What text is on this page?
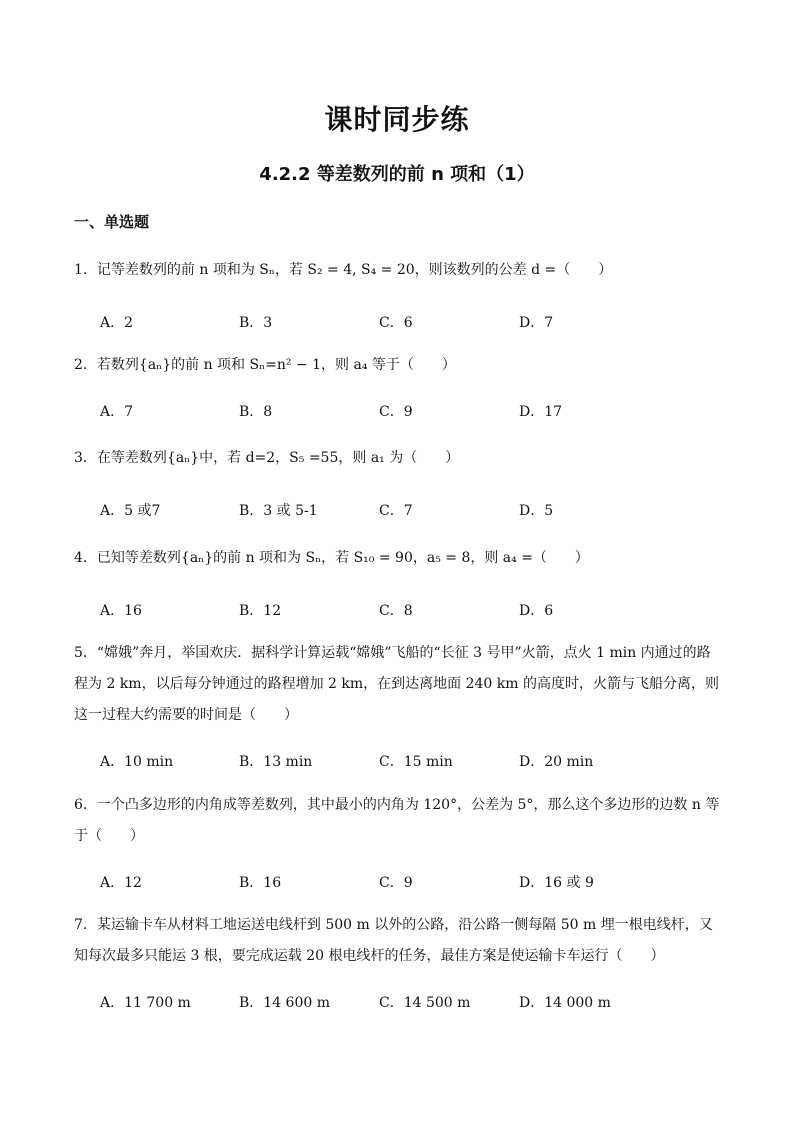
课时同步练
4.2.2 等差数列的前 n 项和（1）
一、单选题
1．记等差数列的前 n 项和为 Sₙ，若 S₂ = 4, S₄ = 20，则该数列的公差 d =（　　）
A．2	B．3	C．6	D．7
2．若数列{aₙ}的前 n 项和 Sₙ=n² − 1，则 a₄ 等于（　　）
A．7	B．8	C．9	D．17
3．在等差数列{aₙ}中，若 d=2，S₅ =55，则 a₁ 为（　　）
A．5 或7	B．3 或 5-1	C．7	D．5
4．已知等差数列{aₙ}的前 n 项和为 Sₙ，若 S₁₀ = 90，a₅ = 8，则 a₄ =（　　）
A．16	B．12	C．8	D．6
5．“嫦娥”奔月，举国欢庆．据科学计算运载“嫦娥”飞船的“长征 3 号甲”火箭，点火 1 min 内通过的路程为 2 km，以后每分钟通过的路程增加 2 km，在到达离地面 240 km 的高度时，火箭与飞船分离，则这一过程大约需要的时间是（　　）
A．10 min	B．13 min	C．15 min	D．20 min
6．一个凸多边形的内角成等差数列，其中最小的内角为 120°，公差为 5°，那么这个多边形的边数 n 等于（　　）
A．12	B．16	C．9	D．16 或 9
7．某运输卡车从材料工地运送电线杆到 500 m 以外的公路，沿公路一侧每隔 50 m 埋一根电线杆，又知每次最多只能运 3 根，要完成运载 20 根电线杆的任务，最佳方案是使运输卡车运行（　　）
A．11 700 m	B．14 600 m	C．14 500 m	D．14 000 m
